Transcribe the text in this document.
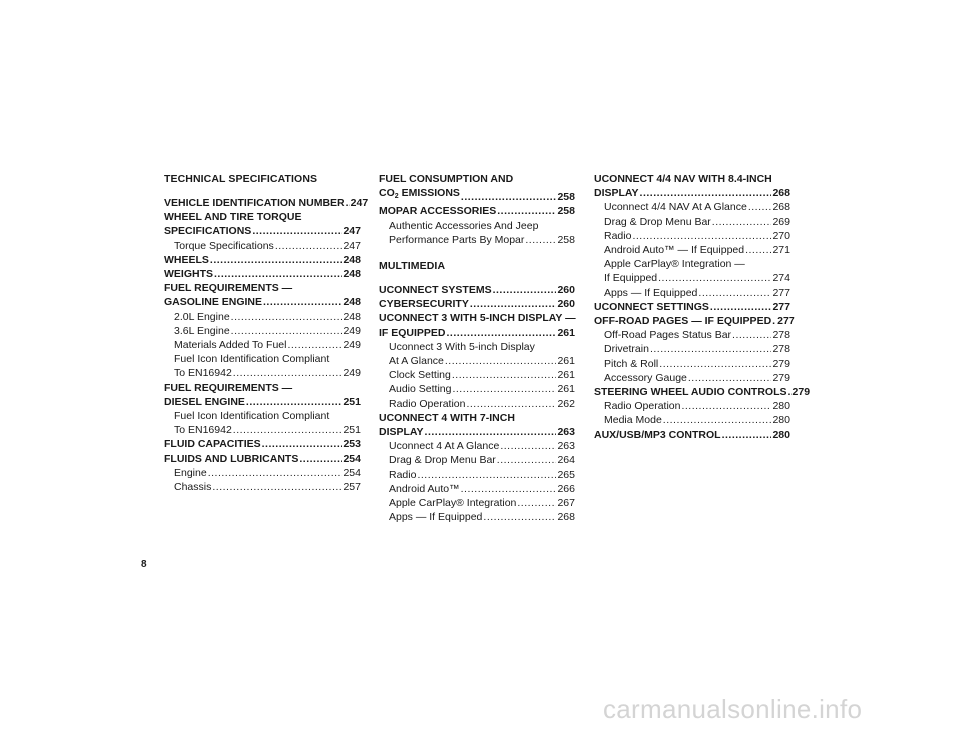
TECHNICAL SPECIFICATIONS
VEHICLE IDENTIFICATION NUMBER ..... 247
WHEEL AND TIRE TORQUE
SPECIFICATIONS .....	247
Torque Specifications .....	247
WHEELS .....	248
WEIGHTS .....	248
FUEL REQUIREMENTS —
GASOLINE ENGINE .....	248
2.0L Engine .....	248
3.6L Engine .....	249
Materials Added To Fuel .....	249
Fuel Icon Identification Compliant
To EN16942 .....	249
FUEL REQUIREMENTS —
DIESEL ENGINE .....	251
Fuel Icon Identification Compliant
To EN16942 .....	251
FLUID CAPACITIES .....	253
FLUIDS AND LUBRICANTS .....	254
Engine .....	254
Chassis .....	257
FUEL CONSUMPTION AND
$CO_2$ EMISSIONS .....	258
MOPAR ACCESSORIES .....	258
Authentic Accessories And Jeep
Performance Parts By Mopar .....	258
MULTIMEDIA
UCONNECT SYSTEMS .....	260
CYBERSECURITY .....	260
UCONNECT 3 WITH 5-INCH DISPLAY —
IF EQUIPPED .....	261
Uconnect 3 With 5-inch Display
At A Glance .....	261
Clock Setting .....	261
Audio Setting .....	261
Radio Operation .....	262
UCONNECT 4 WITH 7-INCH
DISPLAY .....	263
Uconnect 4 At A Glance .....	263
Drag & Drop Menu Bar .....	264
Radio .....	265
Android Auto™ .....	266
Apple CarPlay® Integration .....	267
Apps — If Equipped .....	268
UCONNECT 4/4 NAV WITH 8.4-INCH
DISPLAY .....	268
Uconnect 4/4 NAV At A Glance ..... 268
Drag & Drop Menu Bar .....	269
Radio .....	270
Android Auto™ — If Equipped .....	271
Apple CarPlay® Integration —
If Equipped .....	274
Apps — If Equipped .....	277
UCONNECT SETTINGS .....	277
OFF-ROAD PAGES — IF EQUIPPED ..... 277
Off-Road Pages Status Bar .....	278
Drivetrain .....	278
Pitch & Roll .....	279
Accessory Gauge .....	279
STEERING WHEEL AUDIO CONTROLS ..... 279
Radio Operation .....	280
Media Mode .....	280
AUX/USB/MP3 CONTROL .....	280
8
carmanualsonline.info
